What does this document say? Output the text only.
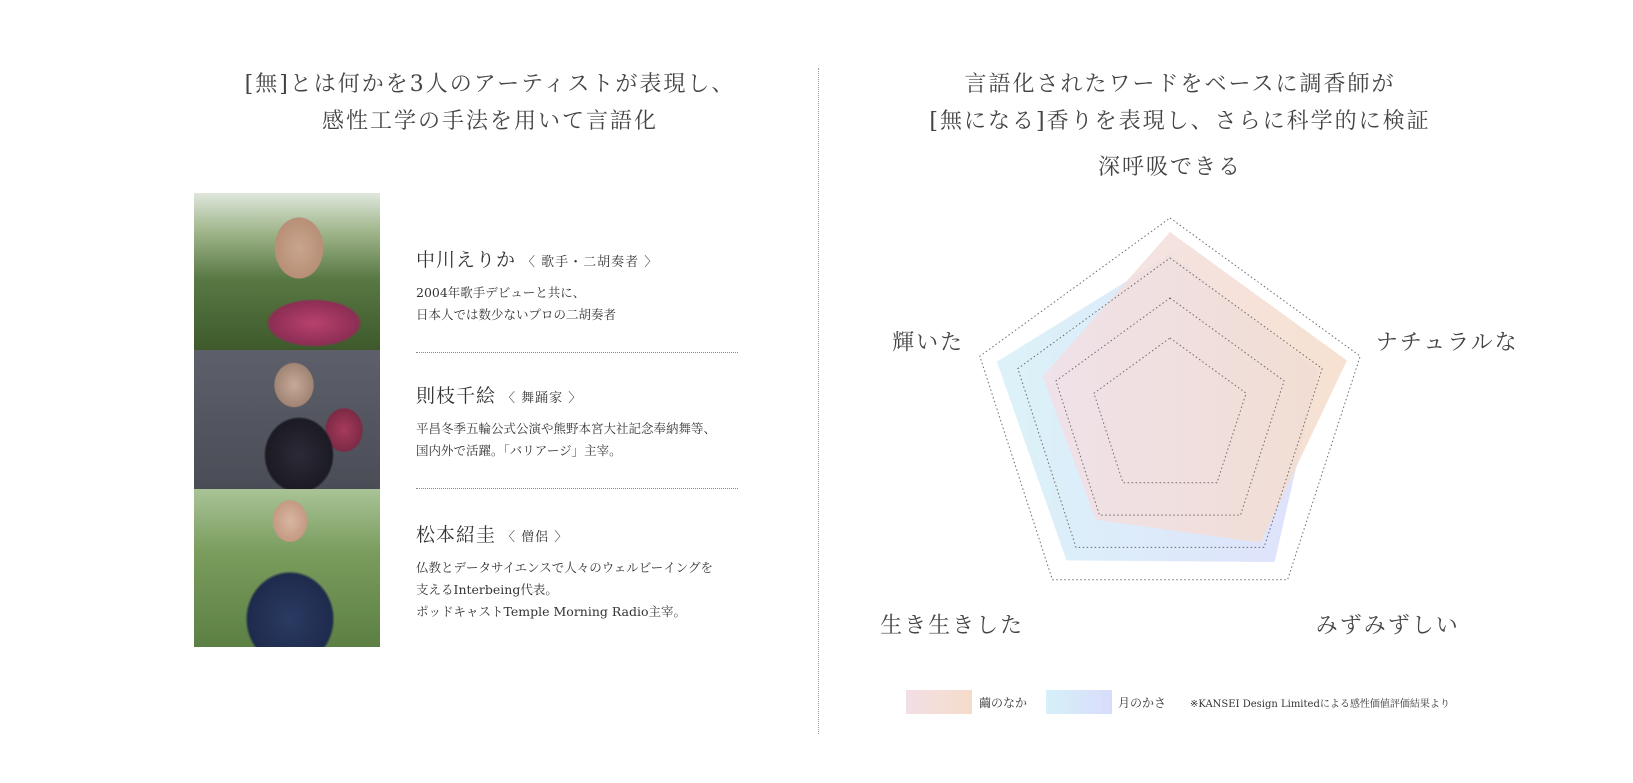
[無]とは何かを3人のアーティストが表現し、
感性工学の手法を用いて言語化
言語化されたワードをベースに調香師が
[無になる]香りを表現し、さらに科学的に検証
中川えりか 〈 歌手・二胡奏者 〉
2004年歌手デビューと共に、
日本人では数少ないプロの二胡奏者
則枝千絵 〈 舞踊家 〉
平昌冬季五輪公式公演や熊野本宮大社記念奉納舞等、
国内外で活躍。「バリアージ」主宰。
松本紹圭 〈 僧侶 〉
仏教とデータサイエンスで人々のウェルビーイングを
支えるInterbeing代表。
ポッドキャストTemple Morning Radio主宰。
深呼吸できる
ナチュラルな
みずみずしい
生き生きした
輝いた
繭のなか	月のかさ ※KANSEI Design Limitedによる感性価値評価結果より
